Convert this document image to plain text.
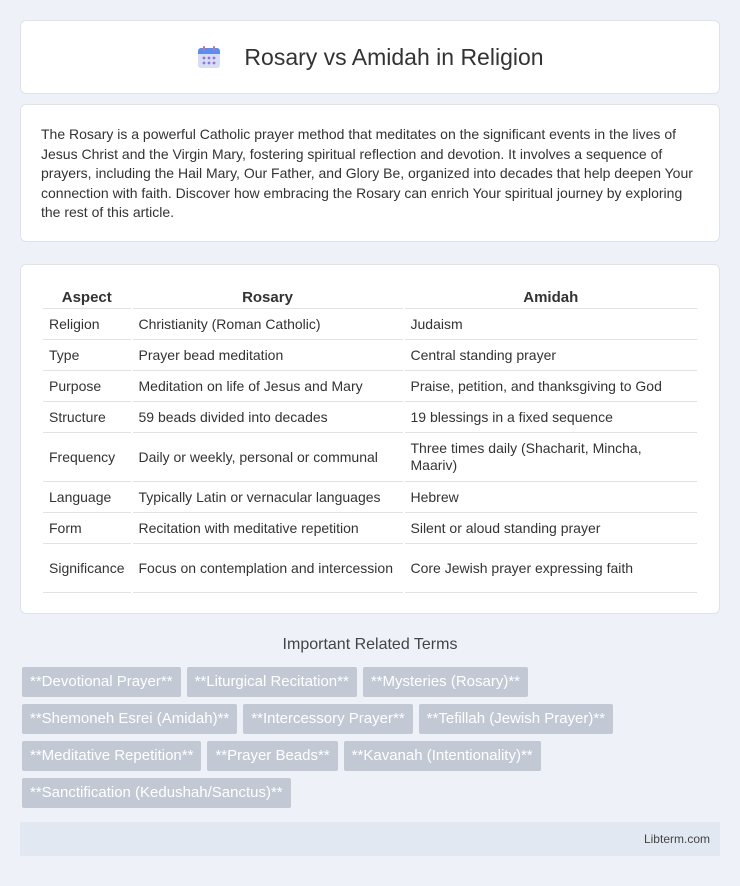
Rosary vs Amidah in Religion

The Rosary is a powerful Catholic prayer method that meditates on the significant events in the lives of Jesus Christ and the Virgin Mary, fostering spiritual reflection and devotion. It involves a sequence of prayers, including the Hail Mary, Our Father, and Glory Be, organized into decades that help deepen Your connection with faith. Discover how embracing the Rosary can enrich Your spiritual journey by exploring the rest of this article.

Aspect	Rosary	Amidah
Religion	Christianity (Roman Catholic)	Judaism
Type	Prayer bead meditation	Central standing prayer
Purpose	Meditation on life of Jesus and Mary	Praise, petition, and thanksgiving to God
Structure	59 beads divided into decades	19 blessings in a fixed sequence
Frequency	Daily or weekly, personal or communal	Three times daily (Shacharit, Mincha, Maariv)
Language	Typically Latin or vernacular languages	Hebrew
Form	Recitation with meditative repetition	Silent or aloud standing prayer
Significance	Focus on contemplation and intercession	Core Jewish prayer expressing faith
Important Related Terms
**Devotional Prayer**	**Liturgical Recitation**	**Mysteries (Rosary)**
**Shemoneh Esrei (Amidah)**	**Intercessory Prayer**	**Tefillah (Jewish Prayer)**
**Meditative Repetition**	**Prayer Beads**	**Kavanah (Intentionality)**
**Sanctification (Kedushah/Sanctus)**
Libterm.com
